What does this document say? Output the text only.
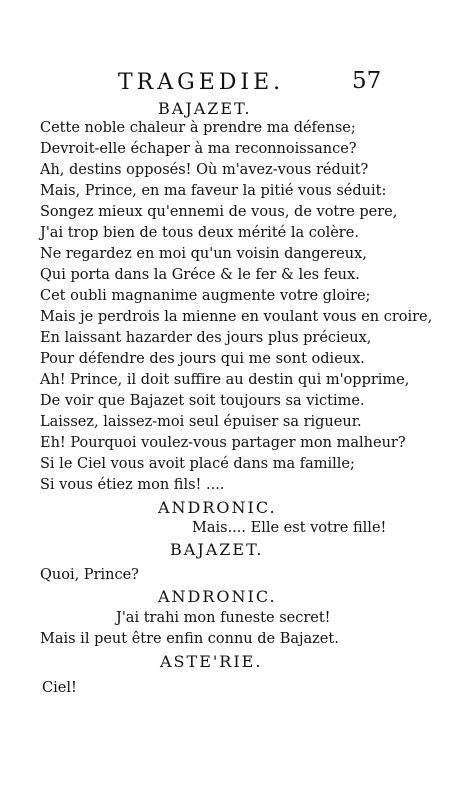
TRAGEDIE.	57
BAJAZET.
Cette noble chaleur à prendre ma défense;
Devroit-elle échaper à ma reconnoissance?
Ah, destins opposés! Où m'avez-vous réduit?
Mais, Prince, en ma faveur la pitié vous séduit:
Songez mieux qu'ennemi de vous, de votre pere,
J'ai trop bien de tous deux mérité la colère.
Ne regardez en moi qu'un voisin dangereux,
Qui porta dans la Gréce & le fer & les feux.
Cet oubli magnanime augmente votre gloire;
Mais je perdrois la mienne en voulant vous en croire,
En laissant hazarder des jours plus précieux,
Pour défendre des jours qui me sont odieux.
Ah! Prince, il doit suffire au destin qui m'opprime,
De voir que Bajazet soit toujours sa victime.
Laissez, laissez-moi seul épuiser sa rigueur.
Eh! Pourquoi voulez-vous partager mon malheur?
Si le Ciel vous avoit placé dans ma famille;
Si vous étiez mon fils! ....
ANDRONIC.
Mais.... Elle est votre fille!
BAJAZET.
Quoi, Prince?
ANDRONIC.
J'ai trahi mon funeste secret!
Mais il peut être enfin connu de Bajazet.
ASTE'RIE.
Ciel!
